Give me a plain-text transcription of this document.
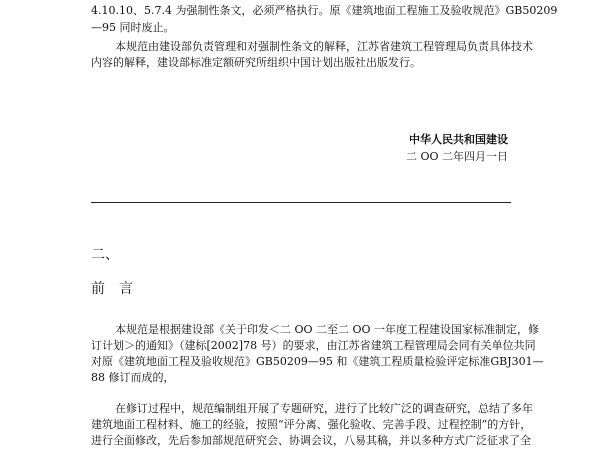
4.10.10、5.7.4 为强制性条文，必须严格执行。原《建筑地面工程施工及验收规范》GB50209
—95 同时废止。
本规范由建设部负责管理和对强制性条文的解释，江苏省建筑工程管理局负责具体技术
内容的解释，建设部标准定额研究所组织中国计划出版社出版发行。
中华人民共和国建设
二 OO 二年四月一日
二、
前　言
本规范是根据建设部《关于印发＜二 OO 二至二 OO 一年度工程建设国家标准制定，修
订计划＞的通知》（建标[2002]78 号）的要求，由江苏省建筑工程管理局会同有关单位共同
对原《建筑地面工程及验收规范》GB50209—95 和《建筑工程质量检验评定标准GBJ301—
88 修订而成的，
在修订过程中，规范编制组开展了专题研究，进行了比较广泛的调查研究，总结了多年
建筑地面工程材料、施工的经验，按照“评分离、强化验收、完善手段、过程控制”的方针，
进行全面修改，先后参加部规范研究会、协调会议，八易其稿，并以多种方式广泛征求了全
